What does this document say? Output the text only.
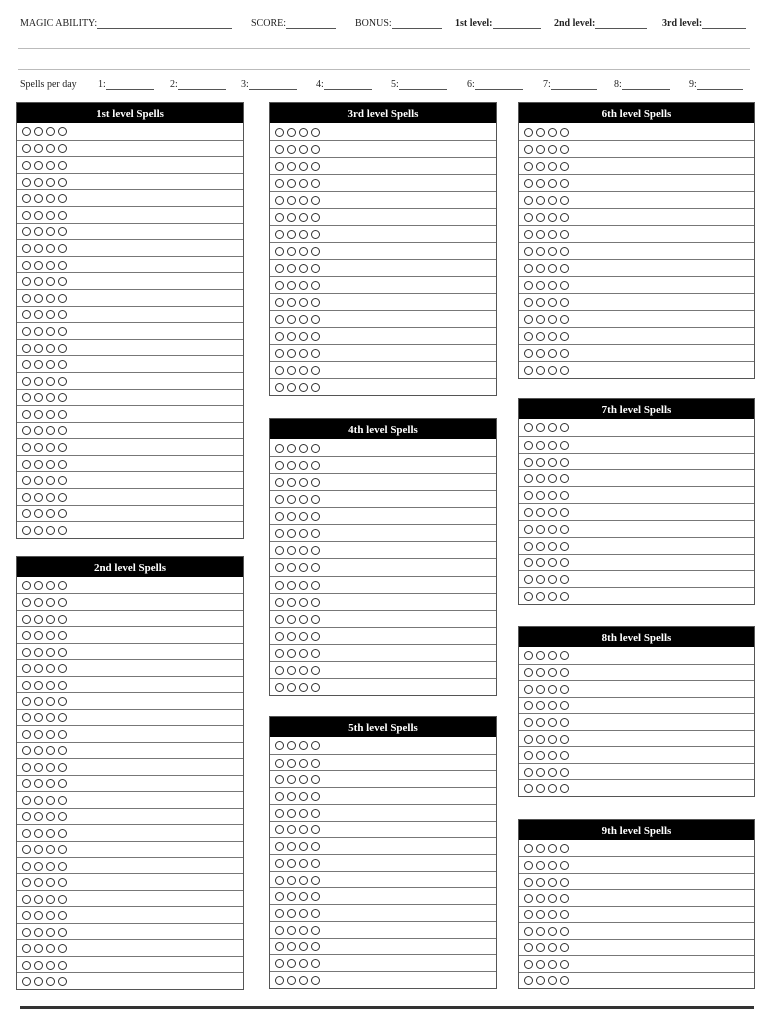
MAGIC ABILITY:	SCORE:	BONUS:	1st level:	2nd level:	3rd level:
Spells per day 1:	2:	3:	4:	5:	6:	7:	8:	9:
1st level Spells
2nd level Spells
3rd level Spells
4th level Spells
5th level Spells
6th level Spells
7th level Spells
8th level Spells
9th level Spells
